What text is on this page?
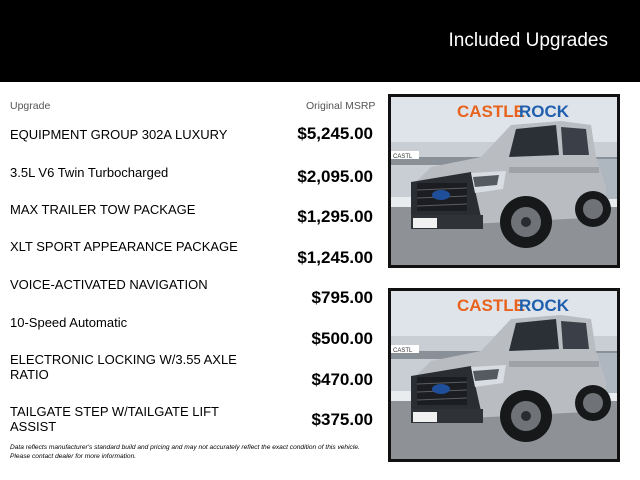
Included Upgrades
Upgrade	Original MSRP
EQUIPMENT GROUP 302A LUXURY
3.5L V6 Twin Turbocharged
MAX TRAILER TOW PACKAGE
XLT SPORT APPEARANCE PACKAGE
VOICE-ACTIVATED NAVIGATION
10-Speed Automatic
ELECTRONIC LOCKING W/3.55 AXLE RATIO
TAILGATE STEP W/TAILGATE LIFT ASSIST
$5,245.00
$2,095.00
$1,295.00
$1,245.00
$795.00
$500.00
$470.00
$375.00
Data reflects manufacturer's standard build and pricing and may not accurately reflect the exact condition of this vehicle. Please contact dealer for more information.
CASTLE
ROCK
CASTL
CASTLE
ROCK
CASTL
